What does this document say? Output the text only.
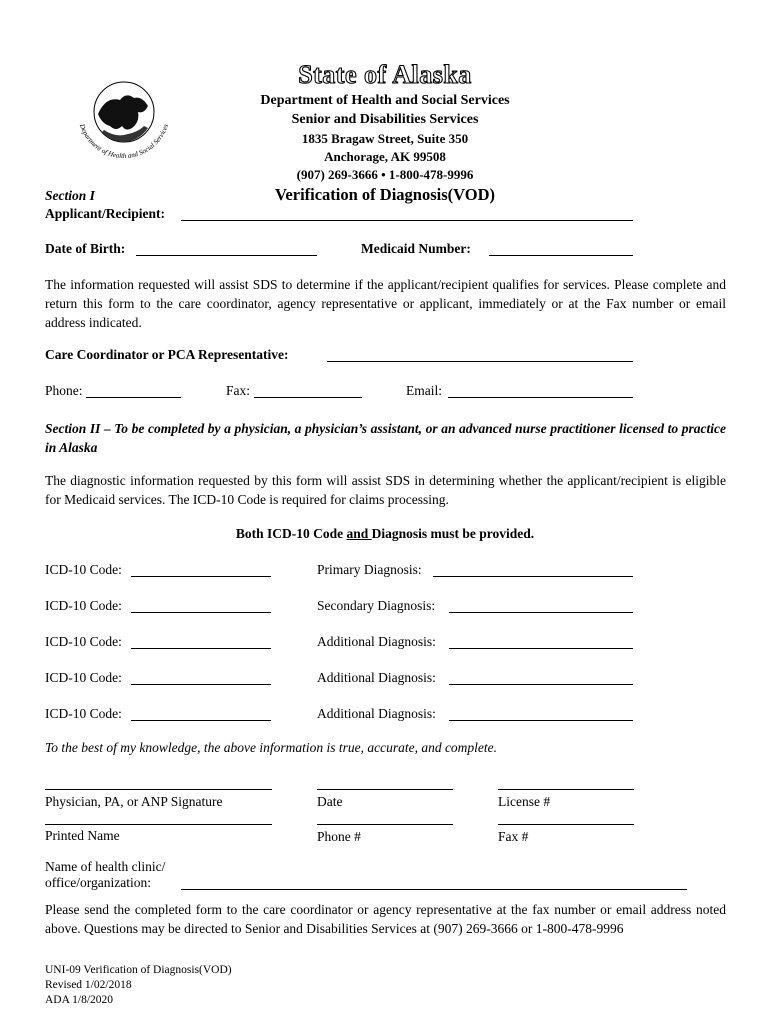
Department of Health and Social Services
State of Alaska
Department of Health and Social Services
Senior and Disabilities Services
1835 Bragaw Street, Suite 350
Anchorage, AK 99508
(907) 269-3666 • 1-800-478-9996
Section I	Verification of Diagnosis(VOD)
Applicant/Recipient:
Date of Birth:	Medicaid Number:
The information requested will assist SDS to determine if the applicant/recipient qualifies for services. Please complete and return this form to the care coordinator, agency representative or applicant, immediately or at the Fax number or email address indicated.
Care Coordinator or PCA Representative:
Phone:	Fax:	Email:
Section II – To be completed by a physician, a physician’s assistant, or an advanced nurse practitioner licensed to practice in Alaska
The diagnostic information requested by this form will assist SDS in determining whether the applicant/recipient is eligible for Medicaid services. The ICD-10 Code is required for claims processing.
Both ICD-10 Code and Diagnosis must be provided.
ICD-10 Code:	Primary Diagnosis:
ICD-10 Code:	Secondary Diagnosis:
ICD-10 Code:	Additional Diagnosis:
ICD-10 Code:	Additional Diagnosis:
ICD-10 Code:	Additional Diagnosis:
To the best of my knowledge, the above information is true, accurate, and complete.
Physician, PA, or ANP Signature	Date	License #
Printed Name	Phone #	Fax #
Name of health clinic/
office/organization:
Please send the completed form to the care coordinator or agency representative at the fax number or email address noted above. Questions may be directed to Senior and Disabilities Services at (907) 269-3666 or 1-800-478-9996
UNI-09 Verification of Diagnosis(VOD)
Revised 1/02/2018
ADA 1/8/2020
